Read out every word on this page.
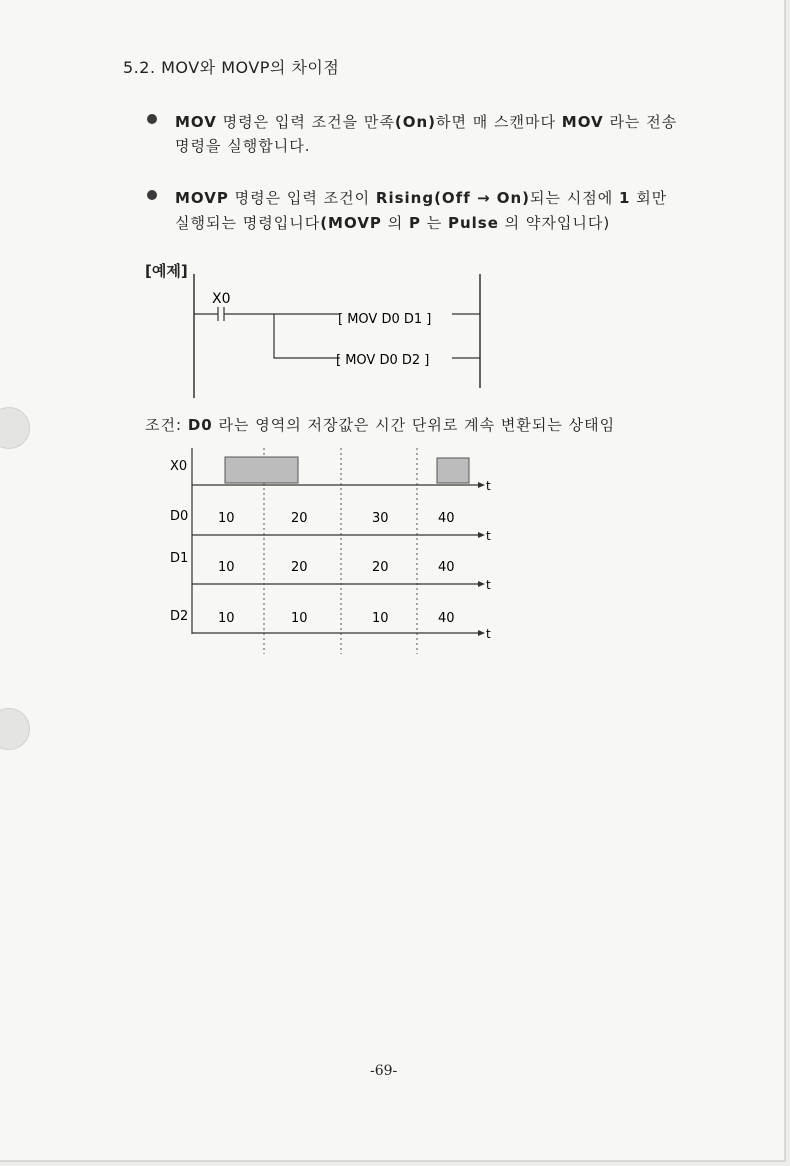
5.2. MOV와 MOVP의 차이점
MOV 명령은 입력 조건을 만족(On)하면 매 스캔마다 MOV 라는 전송
명령을 실행합니다.
MOVP 명령은 입력 조건이 Rising(Off → On)되는 시점에 1 회만
실행되는 명령입니다(MOVP 의 P 는 Pulse 의 약자입니다)
[예제]
X0
[ MOV D0 D1 ]
[ MOV D0 D2 ]
조건: D0 라는 영역의 저장값은 시간 단위로 계속 변환되는 상태임
X0
t
D0
t
10	20	30	40
D1
t
10	20	20	40
D2
t
10	10	10	40
-69-
